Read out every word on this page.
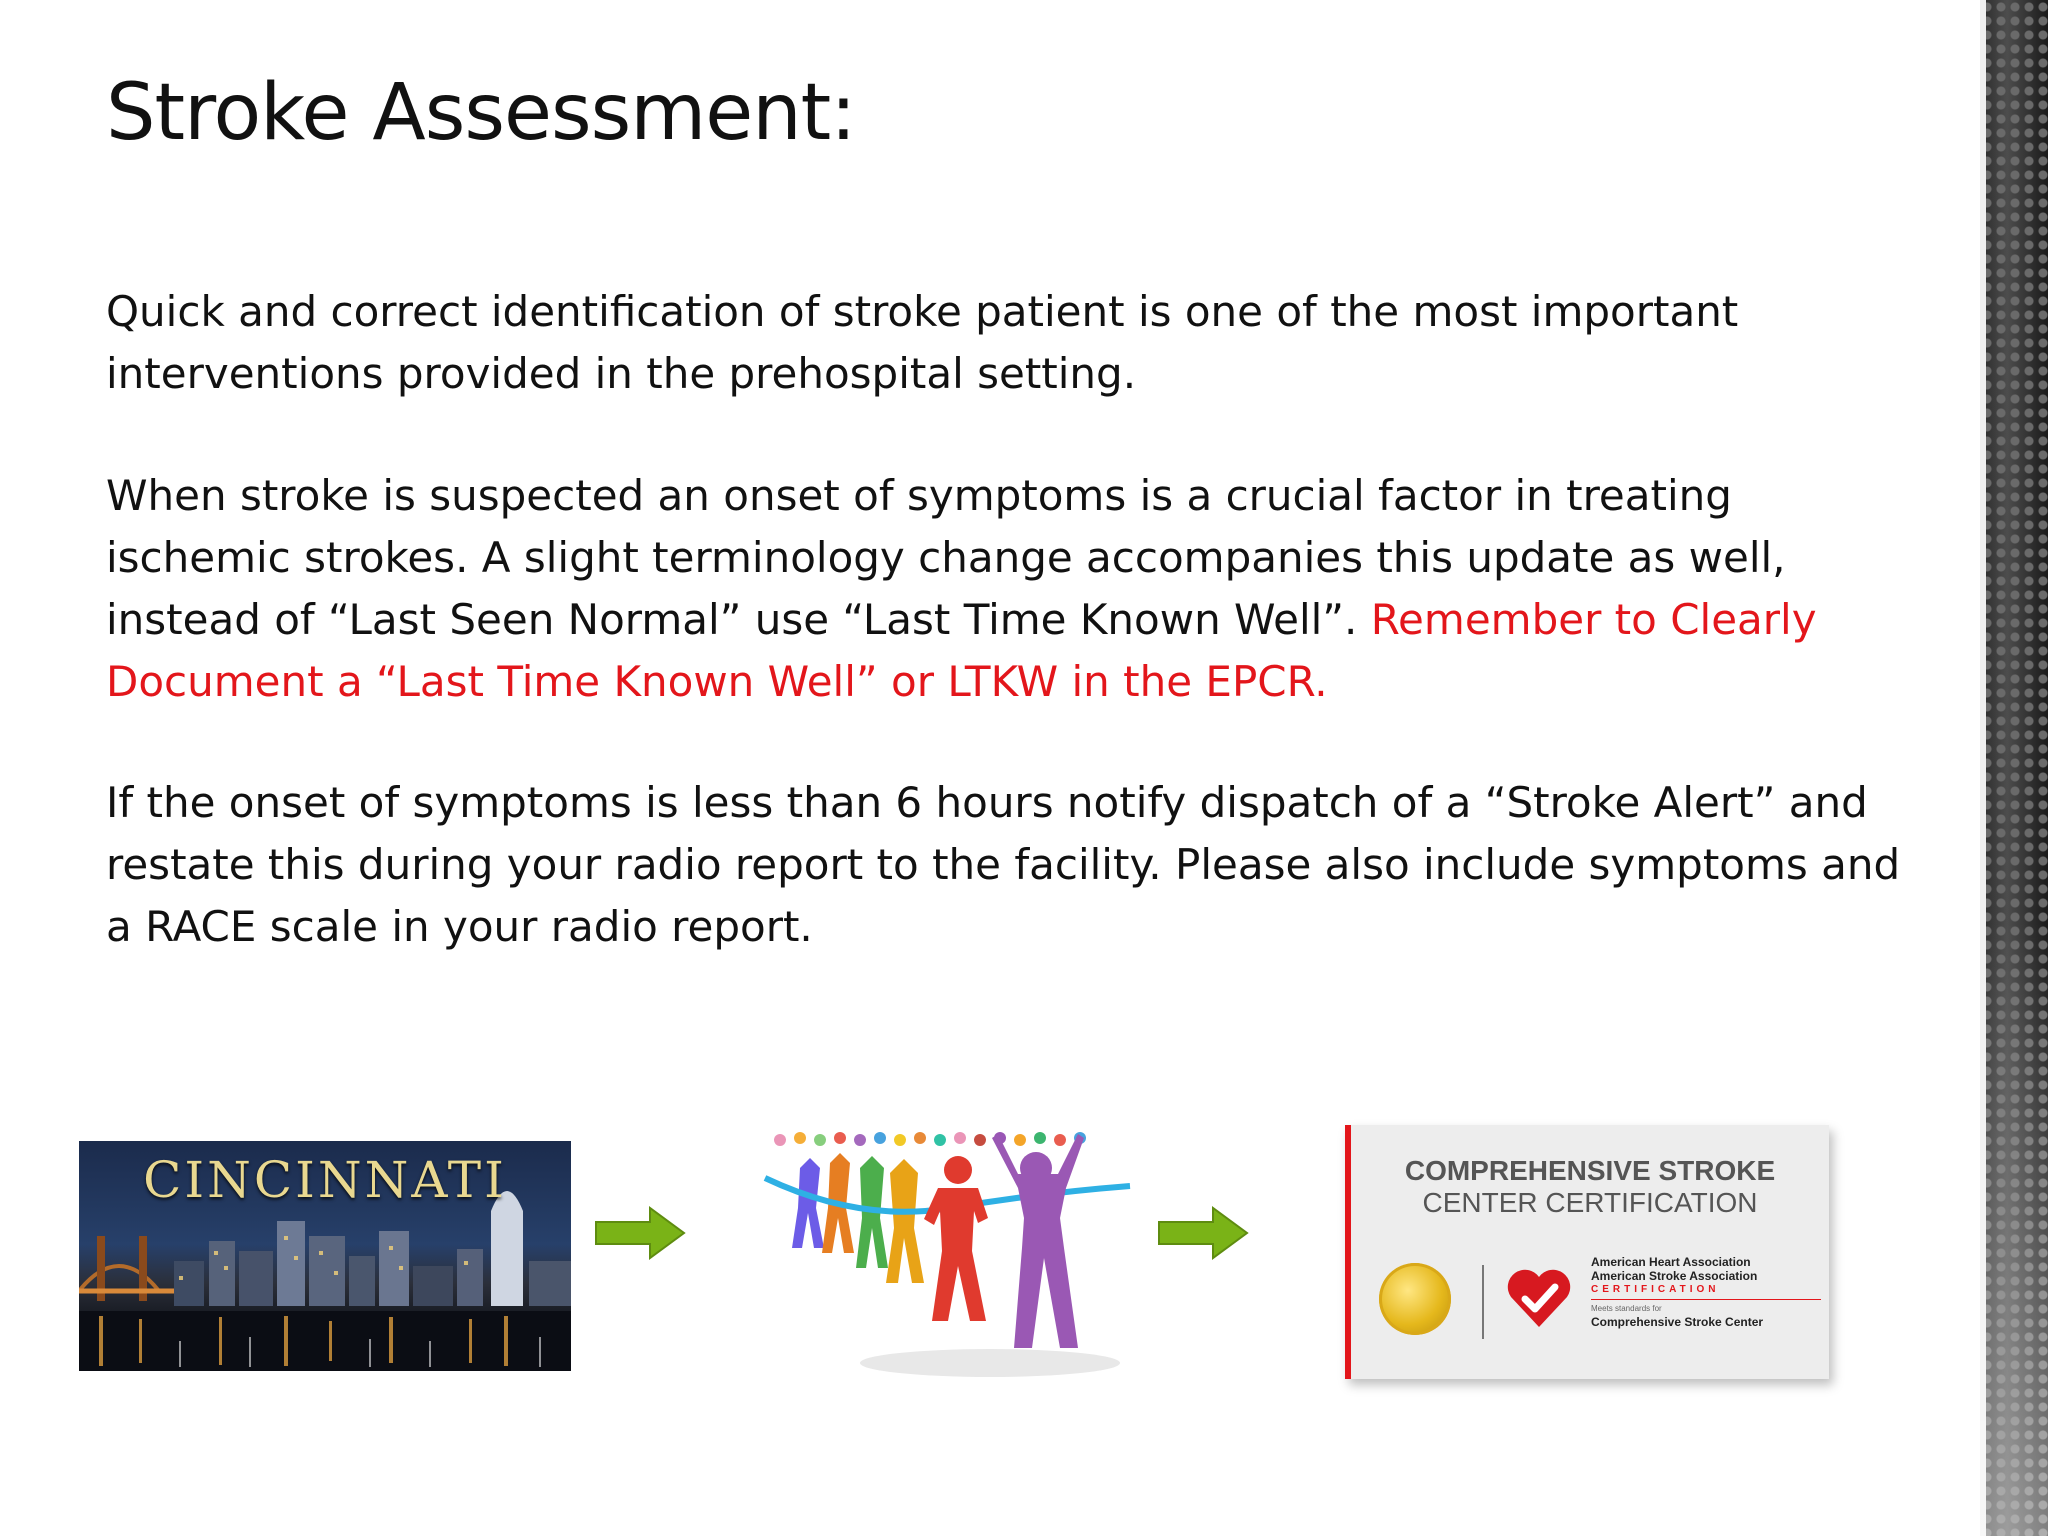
Stroke Assessment:

Quick and correct identification of stroke patient is one of the most important interventions provided in the prehospital setting.

When stroke is suspected an onset of symptoms is a crucial factor in treating ischemic strokes. A slight terminology change accompanies this update as well, instead of “Last Seen Normal” use “Last Time Known Well”. Remember to Clearly Document a “Last Time Known Well” or LTKW in the EPCR.

If the onset of symptoms is less than 6 hours notify dispatch of a “Stroke Alert” and restate this during your radio report to the facility. Please also include symptoms and a RACE scale in your radio report.

CINCINNATI	COMPREHENSIVE STROKE
CENTER CERTIFICATION
American Heart Association
American Stroke Association
CERTIFICATION
Meets standards for
Comprehensive Stroke Center
